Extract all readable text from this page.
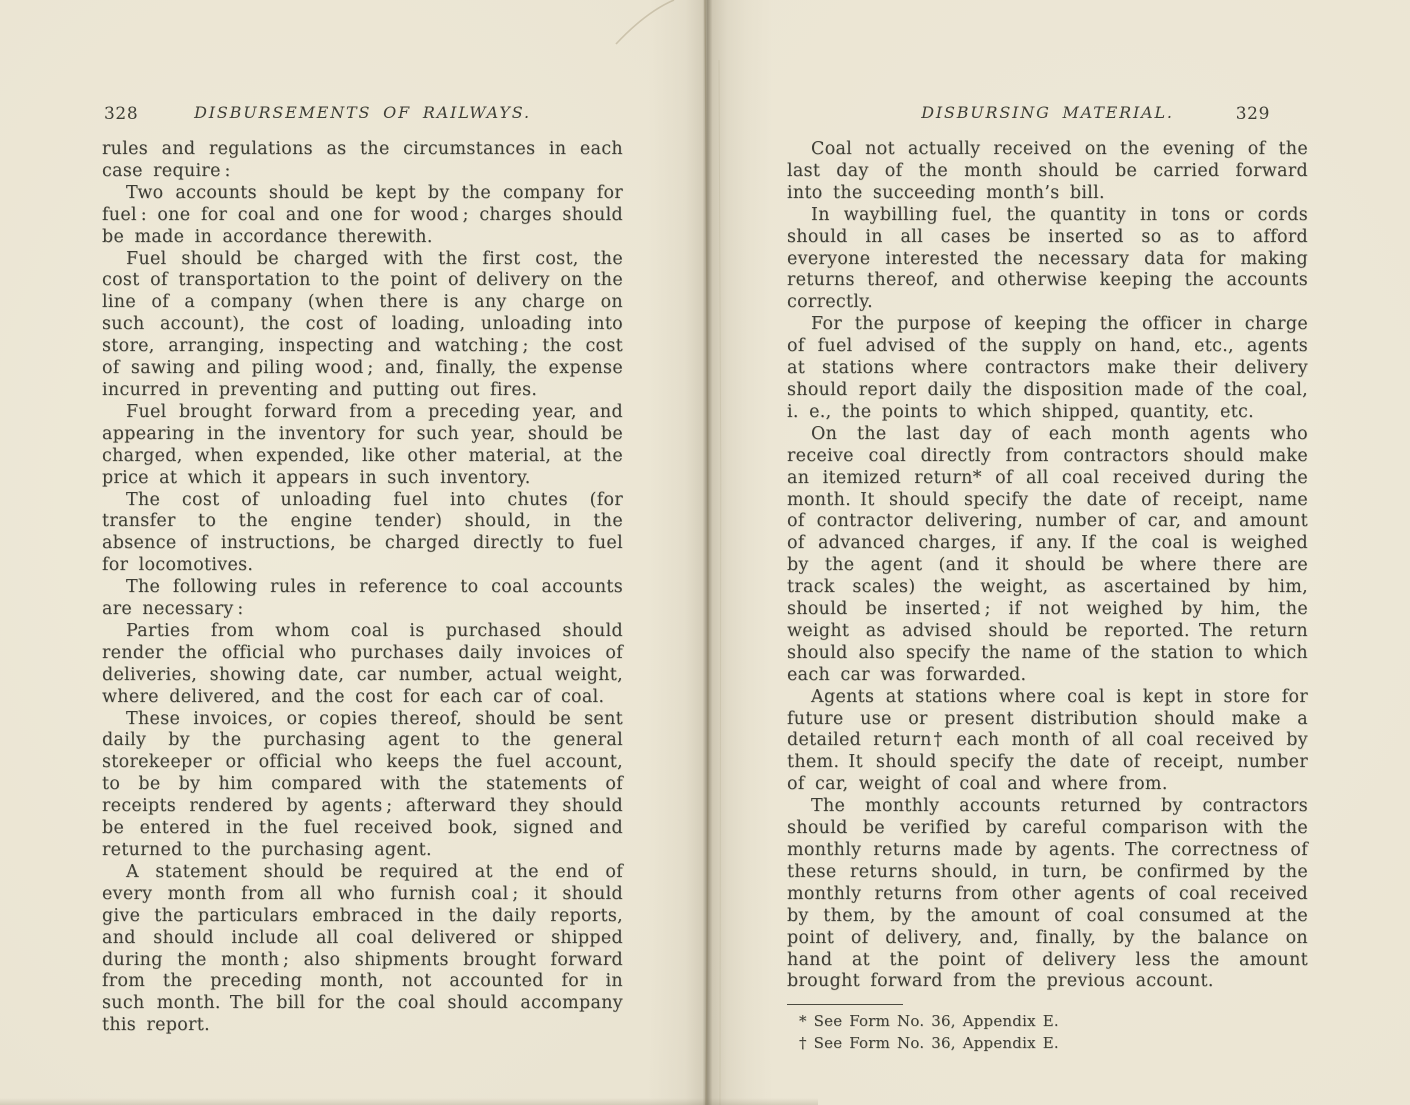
328	DISBURSEMENTS OF RAILWAYS.

rules and regulations as the circumstances in each case require :

Two accounts should be kept by the company for fuel : one for coal and one for wood ; charges should be made in accordance therewith.

Fuel should be charged with the first cost, the cost of transportation to the point of delivery on the line of a company (when there is any charge on such account), the cost of loading, unloading into store, arranging, inspecting and watching ; the cost of sawing and piling wood ; and, finally, the expense incurred in preventing and putting out fires.

Fuel brought forward from a preceding year, and appearing in the inventory for such year, should be charged, when expended, like other material, at the price at which it appears in such inventory.

The cost of unloading fuel into chutes (for transfer to the engine tender) should, in the absence of instructions, be charged directly to fuel for locomotives.

The following rules in reference to coal accounts are necessary :

Parties from whom coal is purchased should render the official who purchases daily invoices of deliveries, showing date, car number, actual weight, where delivered, and the cost for each car of coal.

These invoices, or copies thereof, should be sent daily by the purchasing agent to the general storekeeper or official who keeps the fuel account, to be by him compared with the statements of receipts rendered by agents ; afterward they should be entered in the fuel received book, signed and returned to the purchasing agent.

A statement should be required at the end of every month from all who furnish coal ; it should give the particulars embraced in the daily reports, and should include all coal delivered or shipped during the month ; also shipments brought forward from the preceding month, not accounted for in such month. The bill for the coal should accompany this report.

DISBURSING MATERIAL.	329

Coal not actually received on the evening of the last day of the month should be carried forward into the succeeding month’s bill.

In waybilling fuel, the quantity in tons or cords should in all cases be inserted so as to afford everyone interested the necessary data for making returns thereof, and otherwise keeping the accounts correctly.

For the purpose of keeping the officer in charge of fuel advised of the supply on hand, etc., agents at stations where contractors make their delivery should report daily the disposition made of the coal, i. e., the points to which shipped, quantity, etc.

On the last day of each month agents who receive coal directly from contractors should make an itemized return* of all coal received during the month. It should specify the date of receipt, name of contractor delivering, number of car, and amount of advanced charges, if any. If the coal is weighed by the agent (and it should be where there are track scales) the weight, as ascertained by him, should be inserted ; if not weighed by him, the weight as advised should be reported. The return should also specify the name of the station to which each car was forwarded.

Agents at stations where coal is kept in store for future use or present distribution should make a detailed return† each month of all coal received by them. It should specify the date of receipt, number of car, weight of coal and where from.

The monthly accounts returned by contractors should be verified by careful comparison with the monthly returns made by agents. The correctness of these returns should, in turn, be confirmed by the monthly returns from other agents of coal received by them, by the amount of coal consumed at the point of delivery, and, finally, by the balance on hand at the point of delivery less the amount brought forward from the previous account.

* See Form No. 36, Appendix E.
† See Form No. 36, Appendix E.
